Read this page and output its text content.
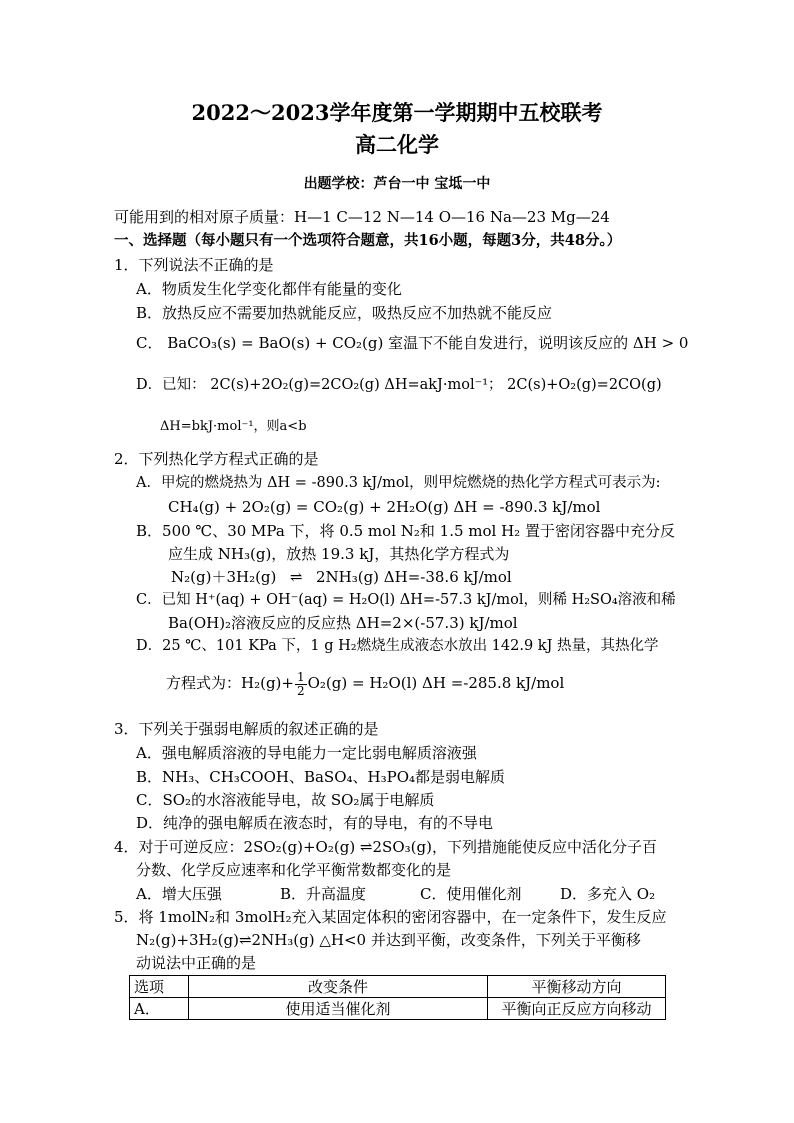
2022～2023学年度第一学期期中五校联考
高二化学
出题学校：芦台一中 宝坻一中
可能用到的相对原子质量：H—1 C—12 N—14 O—16 Na—23 Mg—24
一、选择题（每小题只有一个选项符合题意，共16小题，每题3分，共48分。）
1．下列说法不正确的是
A．物质发生化学变化都伴有能量的变化
B．放热反应不需要加热就能反应，吸热反应不加热就不能反应
C． BaCO₃(s) = BaO(s) + CO₂(g) 室温下不能自发进行，说明该反应的 ΔH > 0
D．已知： 2C(s)+2O₂(g)=2CO₂(g) ΔH=akJ·mol⁻¹； 2C(s)+O₂(g)=2CO(g)
ΔH=bkJ·mol⁻¹，则a<b
2．下列热化学方程式正确的是
A．甲烷的燃烧热为 ΔH = -890.3 kJ/mol，则甲烷燃烧的热化学方程式可表示为:
CH₄(g) + 2O₂(g) = CO₂(g) + 2H₂O(g) ΔH = -890.3 kJ/mol
B．500 ℃、30 MPa 下，将 0.5 mol N₂和 1.5 mol H₂ 置于密闭容器中充分反
应生成 NH₃(g)，放热 19.3 kJ，其热化学方程式为
N₂(g)＋3H₂(g) ⇌ 2NH₃(g) ΔH=-38.6 kJ/mol
C．已知 H⁺(aq) + OH⁻(aq) = H₂O(l) ΔH=-57.3 kJ/mol，则稀 H₂SO₄溶液和稀
Ba(OH)₂溶液反应的反应热 ΔH=2×(-57.3) kJ/mol
D．25 ℃、101 KPa 下，1 g H₂燃烧生成液态水放出 142.9 kJ 热量，其热化学
方程式为：$H_2(g)+ \frac{1}{2} O_2(g) = H_2O(l)$ ΔH =-285.8 kJ/mol
3．下列关于强弱电解质的叙述正确的是
A．强电解质溶液的导电能力一定比弱电解质溶液强
B．NH₃、CH₃COOH、BaSO₄、H₃PO₄都是弱电解质
C．SO₂的水溶液能导电，故 SO₂属于电解质
D．纯净的强电解质在液态时，有的导电，有的不导电
4．对于可逆反应：2SO₂(g)+O₂(g) ⇌2SO₃(g)，下列措施能使反应中活化分子百
分数、化学反应速率和化学平衡常数都变化的是
A．增大压强	B．升高温度	C．使用催化剂	D．多充入 O₂
5．将 1molN₂和 3molH₂充入某固定体积的密闭容器中，在一定条件下，发生反应
N₂(g)+3H₂(g)⇌2NH₃(g) △H<0 并达到平衡，改变条件，下列关于平衡移
动说法中正确的是
选项	改变条件	平衡移动方向
A．	使用适当催化剂	平衡向正反应方向移动
